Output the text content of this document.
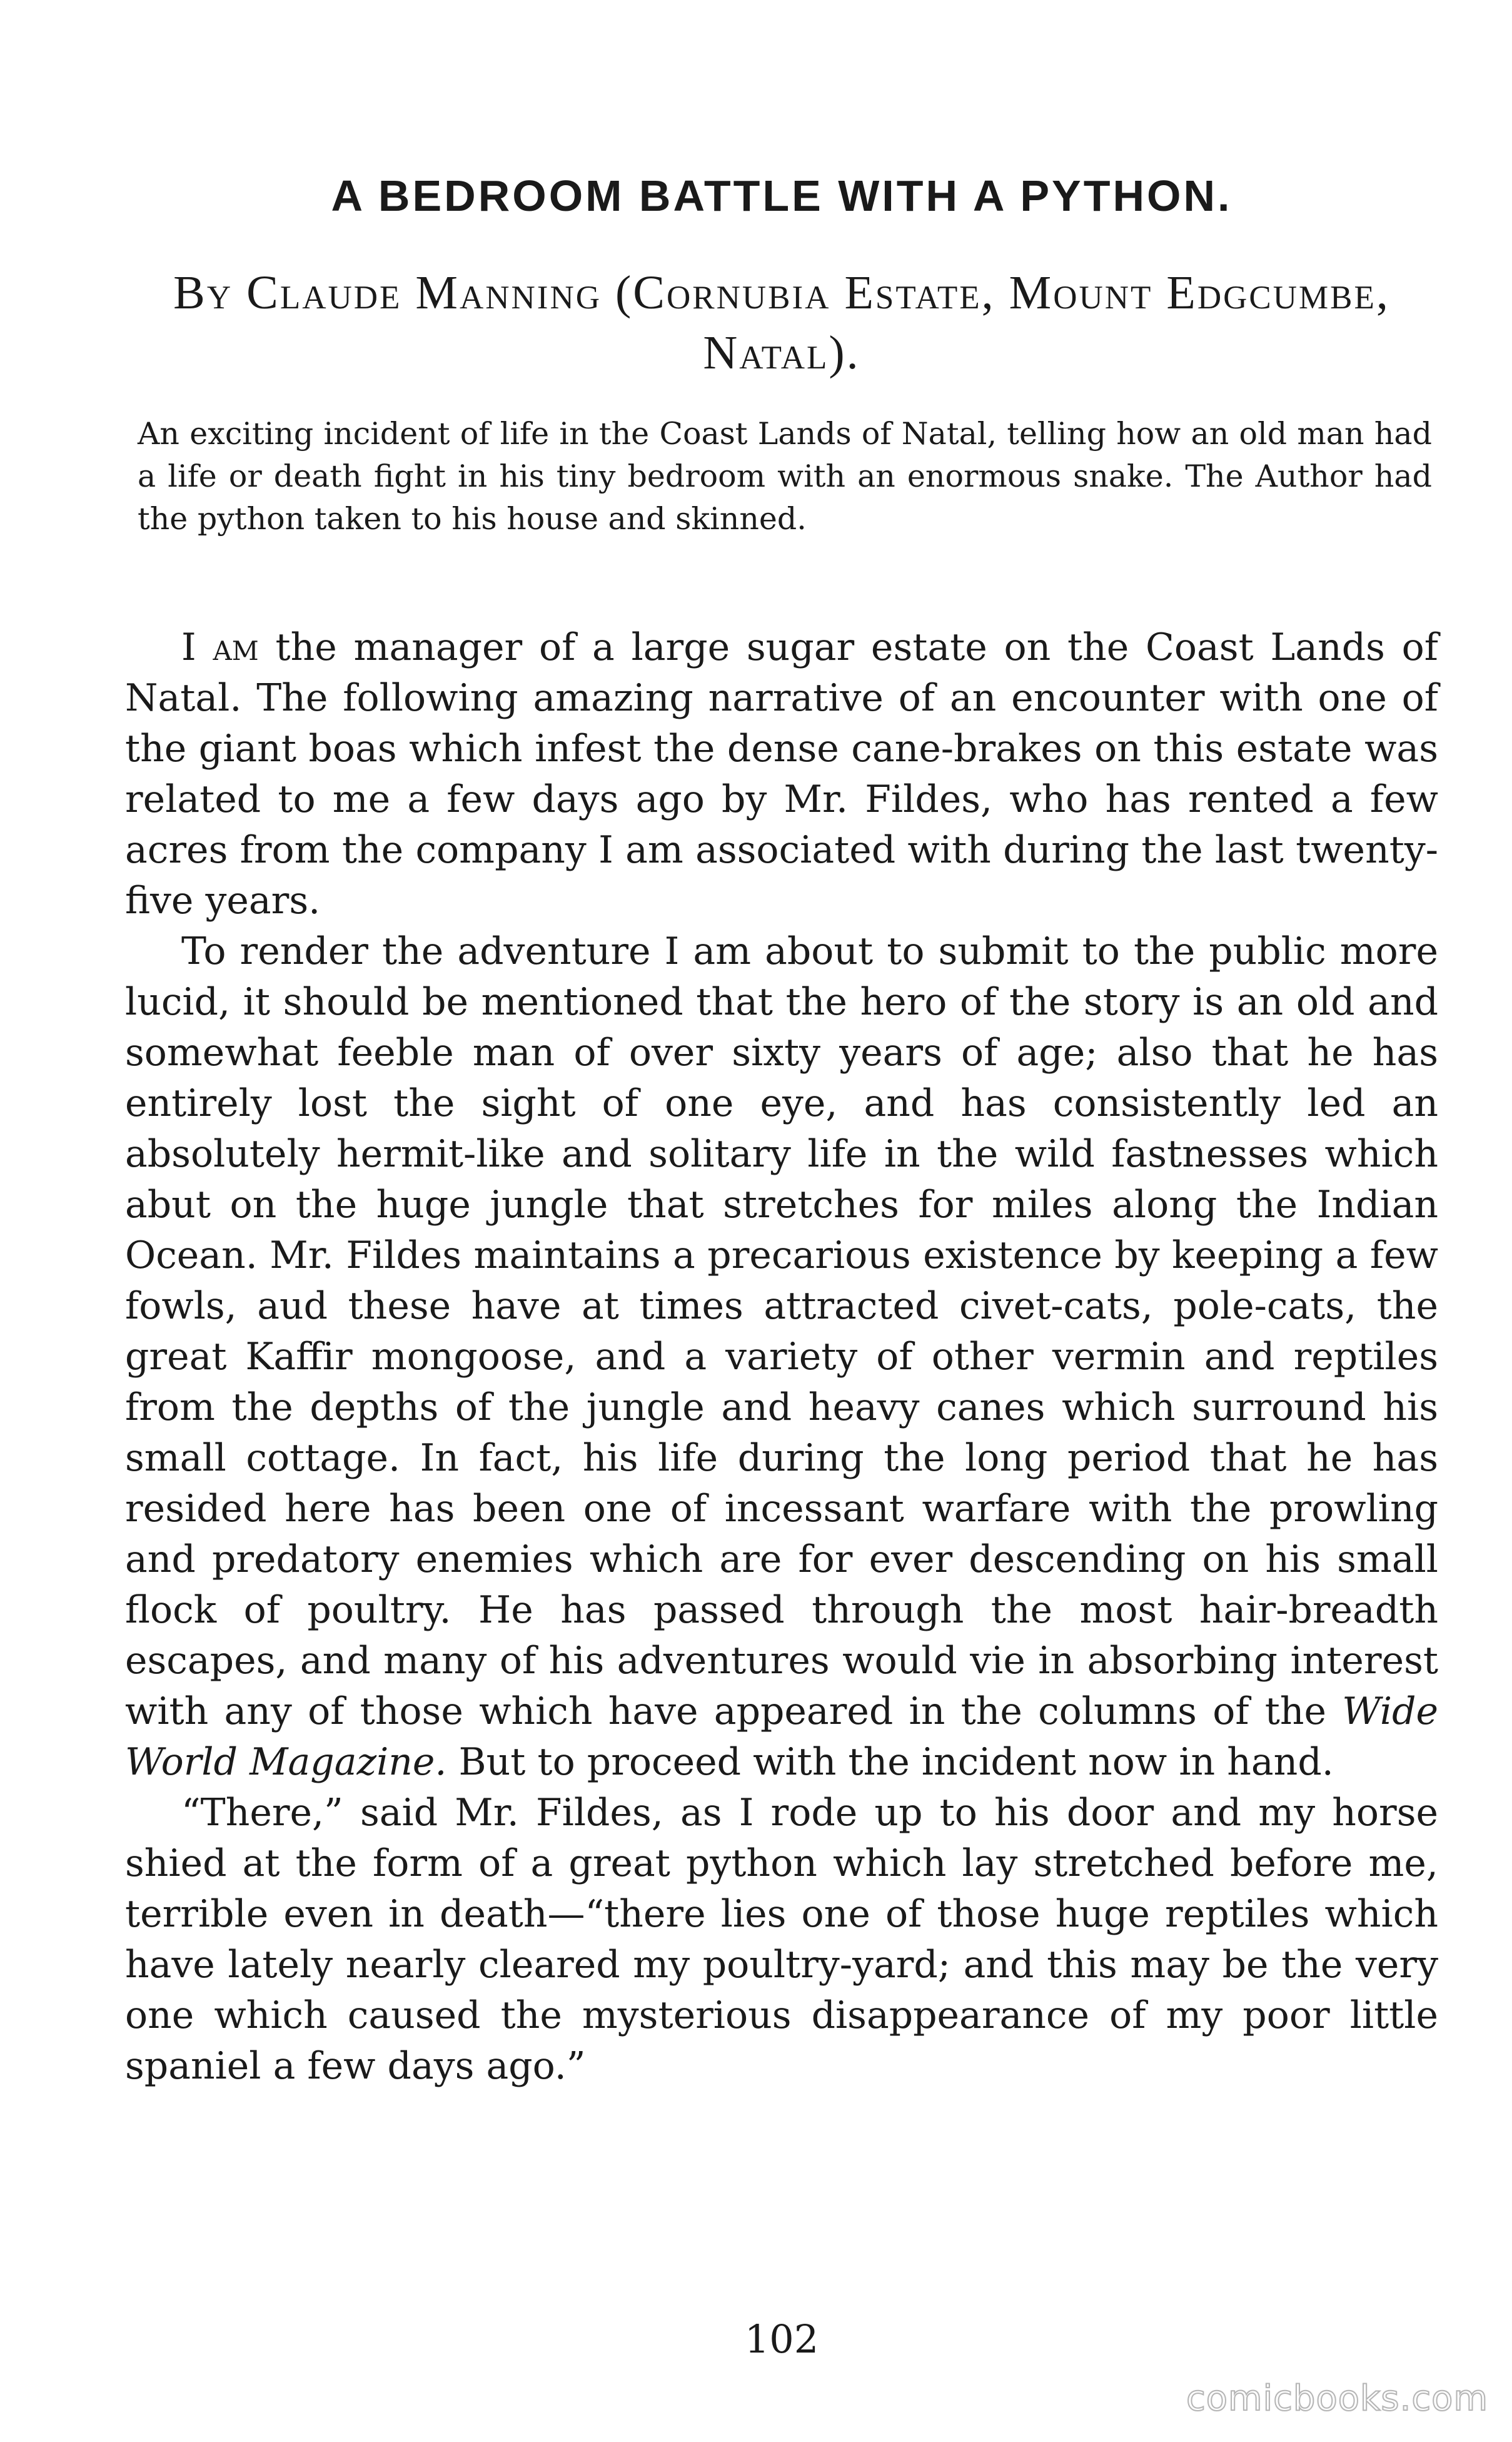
A BEDROOM BATTLE WITH A PYTHON.
By Claude Manning (Cornubia Estate, Mount Edgcumbe, Natal).

An exciting incident of life in the Coast Lands of Natal, telling how an old man had a life or death fight in his tiny bedroom with an enormous snake. The Author had the python taken to his house and skinned.

I am the manager of a large sugar estate on the Coast Lands of Natal. The following amazing narrative of an encounter with one of the giant boas which infest the dense cane-brakes on this estate was related to me a few days ago by Mr. Fildes, who has rented a few acres from the company I am associated with during the last twenty-five years.

To render the adventure I am about to submit to the public more lucid, it should be mentioned that the hero of the story is an old and somewhat feeble man of over sixty years of age; also that he has entirely lost the sight of one eye, and has consistently led an absolutely hermit-like and solitary life in the wild fastnesses which abut on the huge jungle that stretches for miles along the Indian Ocean. Mr. Fildes maintains a precarious existence by keeping a few fowls, aud these have at times attracted civet-cats, pole-cats, the great Kaffir mongoose, and a variety of other vermin and reptiles from the depths of the jungle and heavy canes which surround his small cottage. In fact, his life during the long period that he has resided here has been one of incessant warfare with the prowling and predatory enemies which are for ever descending on his small flock of poultry. He has passed through the most hair-breadth escapes, and many of his adventures would vie in absorbing interest with any of those which have appeared in the columns of the Wide World Magazine. But to proceed with the incident now in hand.

“There,” said Mr. Fildes, as I rode up to his door and my horse shied at the form of a great python which lay stretched before me, terrible even in death—“there lies one of those huge reptiles which have lately nearly cleared my poultry-yard; and this may be the very one which caused the mysterious disappearance of my poor little spaniel a few days ago.”

102
comicbooks.com
